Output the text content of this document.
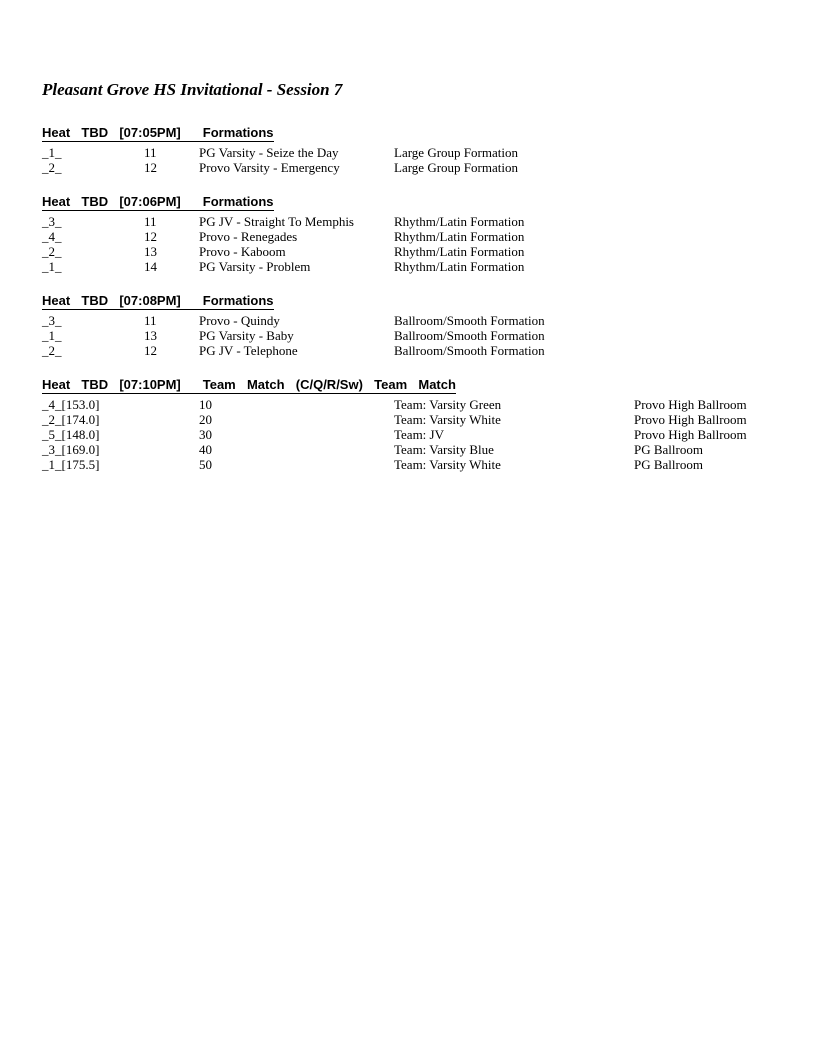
Pleasant Grove HS Invitational - Session 7
Heat  TBD  [07:05PM] Formations
_1_	11	PG Varsity - Seize the Day	Large Group Formation
_2_	12	Provo Varsity - Emergency	Large Group Formation
Heat  TBD  [07:06PM] Formations
_3_	11	PG JV - Straight To Memphis	Rhythm/Latin Formation
_4_	12	Provo - Renegades	Rhythm/Latin Formation
_2_	13	Provo - Kaboom	Rhythm/Latin Formation
_1_	14	PG Varsity - Problem	Rhythm/Latin Formation
Heat  TBD  [07:08PM] Formations
_3_	11	Provo - Quindy	Ballroom/Smooth Formation
_1_	13	PG Varsity - Baby	Ballroom/Smooth Formation
_2_	12	PG JV - Telephone	Ballroom/Smooth Formation
Heat  TBD  [07:10PM] Team  Match  (C/Q/R/Sw)  Team  Match
_4_[153.0]	10	Team: Varsity Green	Provo High Ballroom
_2_[174.0]	20	Team: Varsity White	Provo High Ballroom
_5_[148.0]	30	Team: JV	Provo High Ballroom
_3_[169.0]	40	Team: Varsity Blue	PG Ballroom
_1_[175.5]	50	Team: Varsity White	PG Ballroom
